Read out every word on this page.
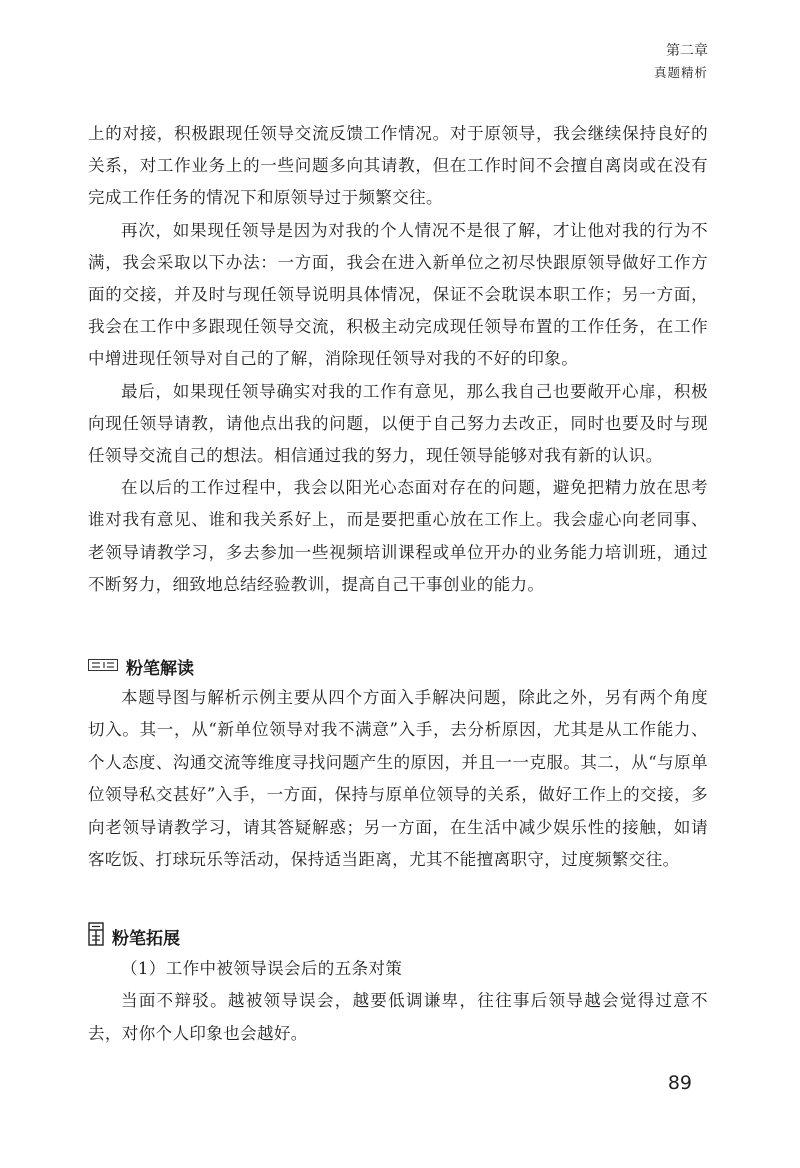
第二章
真题精析

上的对接，积极跟现任领导交流反馈工作情况。对于原领导，我会继续保持良好的关系，对工作业务上的一些问题多向其请教，但在工作时间不会擅自离岗或在没有完成工作任务的情况下和原领导过于频繁交往。

再次，如果现任领导是因为对我的个人情况不是很了解，才让他对我的行为不满，我会采取以下办法：一方面，我会在进入新单位之初尽快跟原领导做好工作方面的交接，并及时与现任领导说明具体情况，保证不会耽误本职工作；另一方面，我会在工作中多跟现任领导交流，积极主动完成现任领导布置的工作任务，在工作中增进现任领导对自己的了解，消除现任领导对我的不好的印象。

最后，如果现任领导确实对我的工作有意见，那么我自己也要敞开心扉，积极向现任领导请教，请他点出我的问题，以便于自己努力去改正，同时也要及时与现任领导交流自己的想法。相信通过我的努力，现任领导能够对我有新的认识。

在以后的工作过程中，我会以阳光心态面对存在的问题，避免把精力放在思考谁对我有意见、谁和我关系好上，而是要把重心放在工作上。我会虚心向老同事、老领导请教学习，多去参加一些视频培训课程或单位开办的业务能力培训班，通过不断努力，细致地总结经验教训，提高自己干事创业的能力。

粉笔解读

本题导图与解析示例主要从四个方面入手解决问题，除此之外，另有两个角度切入。其一，从“新单位领导对我不满意”入手，去分析原因，尤其是从工作能力、个人态度、沟通交流等维度寻找问题产生的原因，并且一一克服。其二，从“与原单位领导私交甚好”入手，一方面，保持与原单位领导的关系，做好工作上的交接，多向老领导请教学习，请其答疑解惑；另一方面，在生活中减少娱乐性的接触，如请客吃饭、打球玩乐等活动，保持适当距离，尤其不能擅离职守，过度频繁交往。

粉笔拓展

（1）工作中被领导误会后的五条对策

当面不辩驳。越被领导误会，越要低调谦卑，往往事后领导越会觉得过意不去，对你个人印象也会越好。

89
